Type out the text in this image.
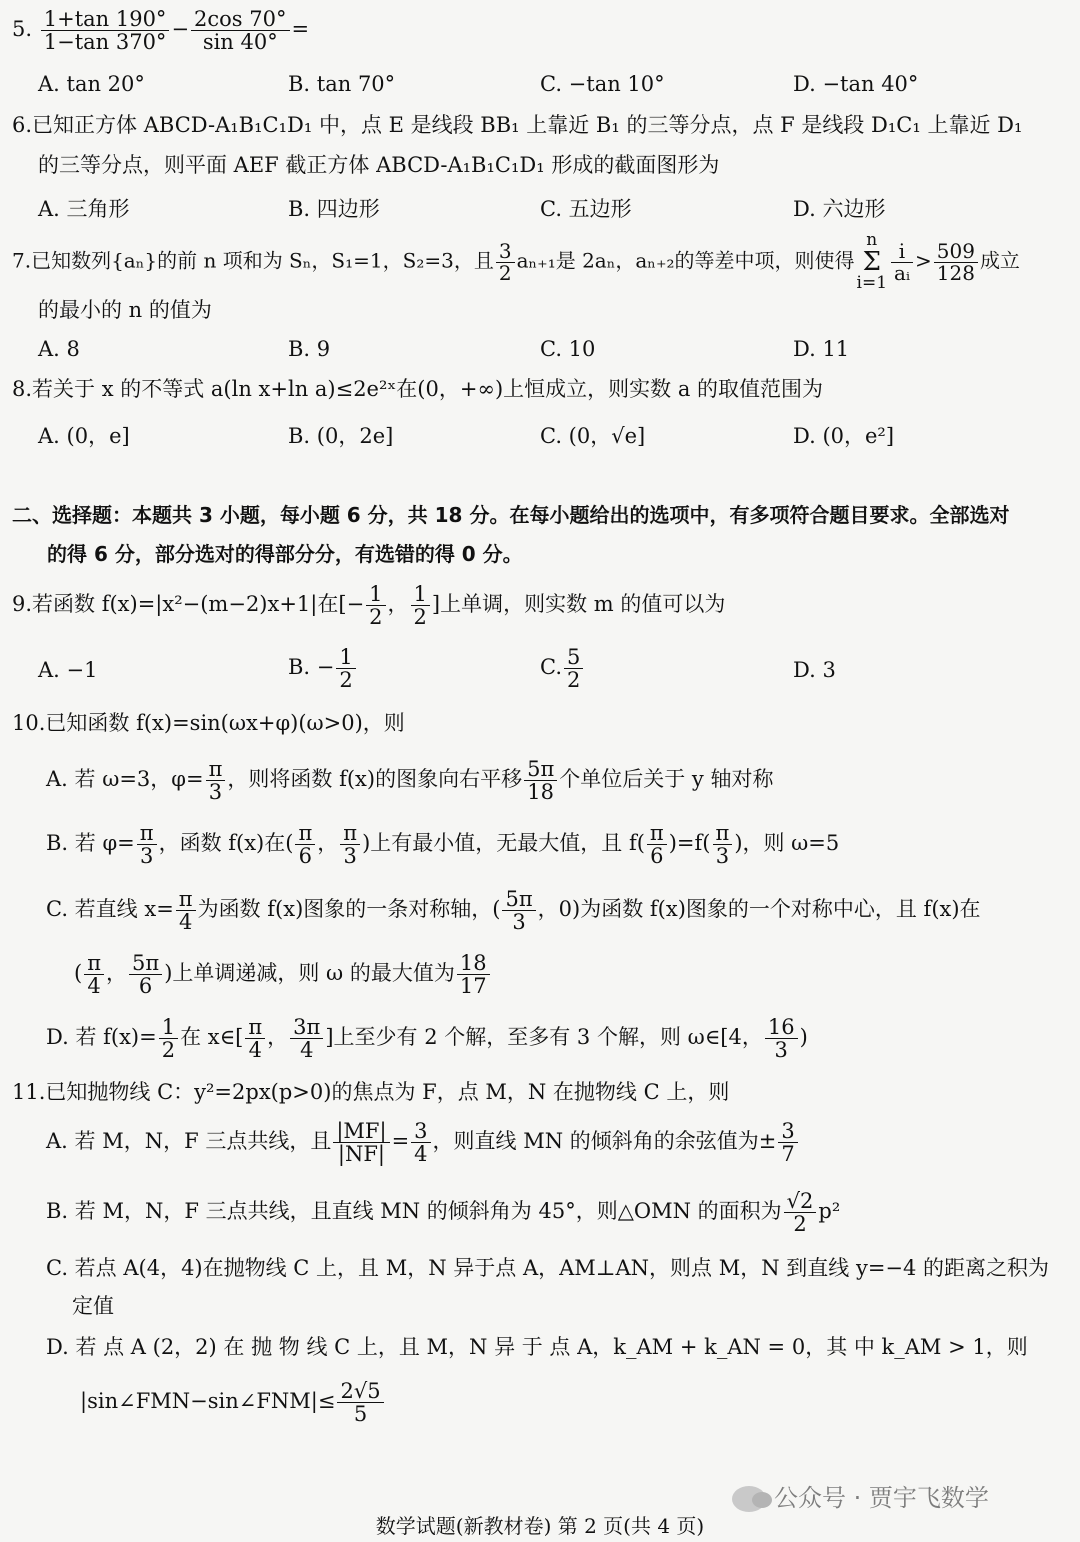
5. $\frac{1+\tan 190^\circ}{1-\tan 370^\circ} - \frac{2\cos 70^\circ}{\sin 40^\circ}$ =
A. tan 20°	B. tan 70°	C. −tan 10°	D. −tan 40°
6.已知正方体 ABCD-A₁B₁C₁D₁ 中，点 E 是线段 BB₁ 上靠近 B₁ 的三等分点，点 F 是线段 D₁C₁ 上靠近 D₁
的三等分点，则平面 AEF 截正方体 ABCD-A₁B₁C₁D₁ 形成的截面图形为
A. 三角形	B. 四边形	C. 五边形	D. 六边形
7.已知数列{aₙ}的前 n 项和为 Sₙ，S₁=1，S₂=3，且 $\frac{3}{2} a_{n+1}$是 2aₙ，aₙ₊₂的等差中项，则使得
n
Σ
$i=1 \frac{i}{\text{aᵢ}} > \frac{509}{128}$ 成立
的最小的 n 的值为
A. 8	B. 9	C. 10	D. 11
8.若关于 x 的不等式 a(ln x+ln a)≤2e²ˣ在(0，+∞)上恒成立，则实数 a 的取值范围为
A. (0，e]	B. (0，2e]	C. (0，√e]	D. (0，e²]
二、选择题：本题共 3 小题，每小题 6 分，共 18 分。在每小题给出的选项中，有多项符合题目要求。全部选对
的得 6 分，部分选对的得部分分，有选错的得 0 分。
9.若函数 f(x)=|x²−(m−2)x+1|在[− $\frac{1}{2}$ ， $\frac{1}{2}$ ]上单调，则实数 m 的值可以为
A. −1	B. − $\frac{1}{2}$	C. $\frac{5}{2}$	D. 3
10.已知函数 f(x)=sin(ωx+φ)(ω>0)，则
A. 若 ω=3，$\varphi= \frac{\pi}{3}$ ，则将函数 f(x)的图象向右平移 $\frac{5\pi}{18}$ 个单位后关于 y 轴对称
B. 若 $\varphi= \frac{\pi}{3}$ ，函数 f(x)在( $\frac{\pi}{6}$ ， $\frac{\pi}{3}$ )上有最小值，无最大值，且 $f( \frac{\pi}{6} )=f( \frac{\pi}{3}$ )，则 ω=5
C. 若直线 $x= \frac{\pi}{4}$ 为函数 f(x)图象的一条对称轴，( $\frac{5\pi}{3}$ ，0)为函数 f(x)图象的一个对称中心，且 f(x)在
( $\frac{\pi}{4}$ ， $\frac{5\pi}{6}$ )上单调递减，则 ω 的最大值为 $\frac{18}{17}$
D. 若 $f(x)= \frac{1}{2}$ 在 x∈[ $\frac{\pi}{4}$ ， $\frac{3\pi}{4}$ ]上至少有 2 个解，至多有 3 个解，则 ω∈[4， $\frac{16}{3}$ )
11.已知抛物线 C：y²=2px(p>0)的焦点为 F，点 M，N 在抛物线 C 上，则
A. 若 M，N，F 三点共线，且 $\frac{|MF|}{|NF|} = \frac{3}{4}$ ，则直线 MN 的倾斜角的余弦值为± $\frac{3}{7}$
B. 若 M，N，F 三点共线，且直线 MN 的倾斜角为 45°，则△OMN 的面积为 $\frac{√2}{2} p^2$
C. 若点 A(4，4)在抛物线 C 上，且 M，N 异于点 A，AM⊥AN，则点 M，N 到直线 y=−4 的距离之积为
定值
D. 若 点 A (2，2) 在 抛 物 线 C 上，且 M，N 异 于 点 A，k_AM + k_AN = 0，其 中 k_AM > 1，则
|sin∠FMN−sin∠FNM|≤ $\frac{2√5}{5}$
公众号 · 贾宇飞数学
数学试题(新教材卷) 第 2 页(共 4 页)
